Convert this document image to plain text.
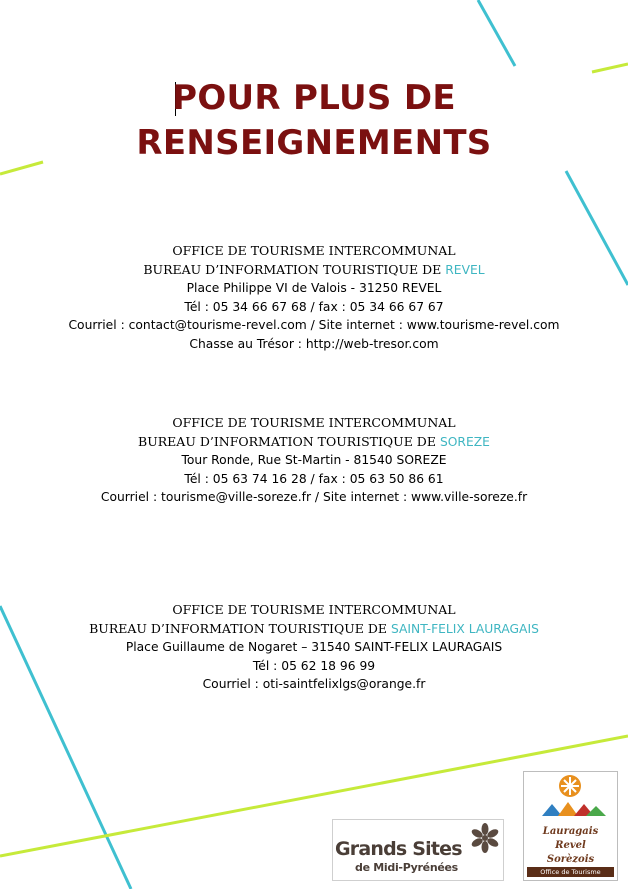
POUR PLUS DE
RENSEIGNEMENTS
OFFICE DE TOURISME INTERCOMMUNAL
BUREAU D’INFORMATION TOURISTIQUE DE REVEL
Place Philippe VI de Valois - 31250 REVEL
Tél : 05 34 66 67 68 / fax : 05 34 66 67 67
Courriel : contact@tourisme-revel.com / Site internet : www.tourisme-revel.com
Chasse au Trésor : http://web-tresor.com
OFFICE DE TOURISME INTERCOMMUNAL
BUREAU D’INFORMATION TOURISTIQUE DE SOREZE
Tour Ronde, Rue St-Martin - 81540 SOREZE
Tél : 05 63 74 16 28 / fax : 05 63 50 86 61
Courriel : tourisme@ville-soreze.fr / Site internet : www.ville-soreze.fr
OFFICE DE TOURISME INTERCOMMUNAL
BUREAU D’INFORMATION TOURISTIQUE DE SAINT-FELIX LAURAGAIS
Place Guillaume de Nogaret – 31540 SAINT-FELIX LAURAGAIS
Tél : 05 62 18 96 99
Courriel : oti-saintfelixlgs@orange.fr
Grands Sites
de Midi-Pyrénées
Lauragais
Revel
Sorèzois
Office de Tourisme
